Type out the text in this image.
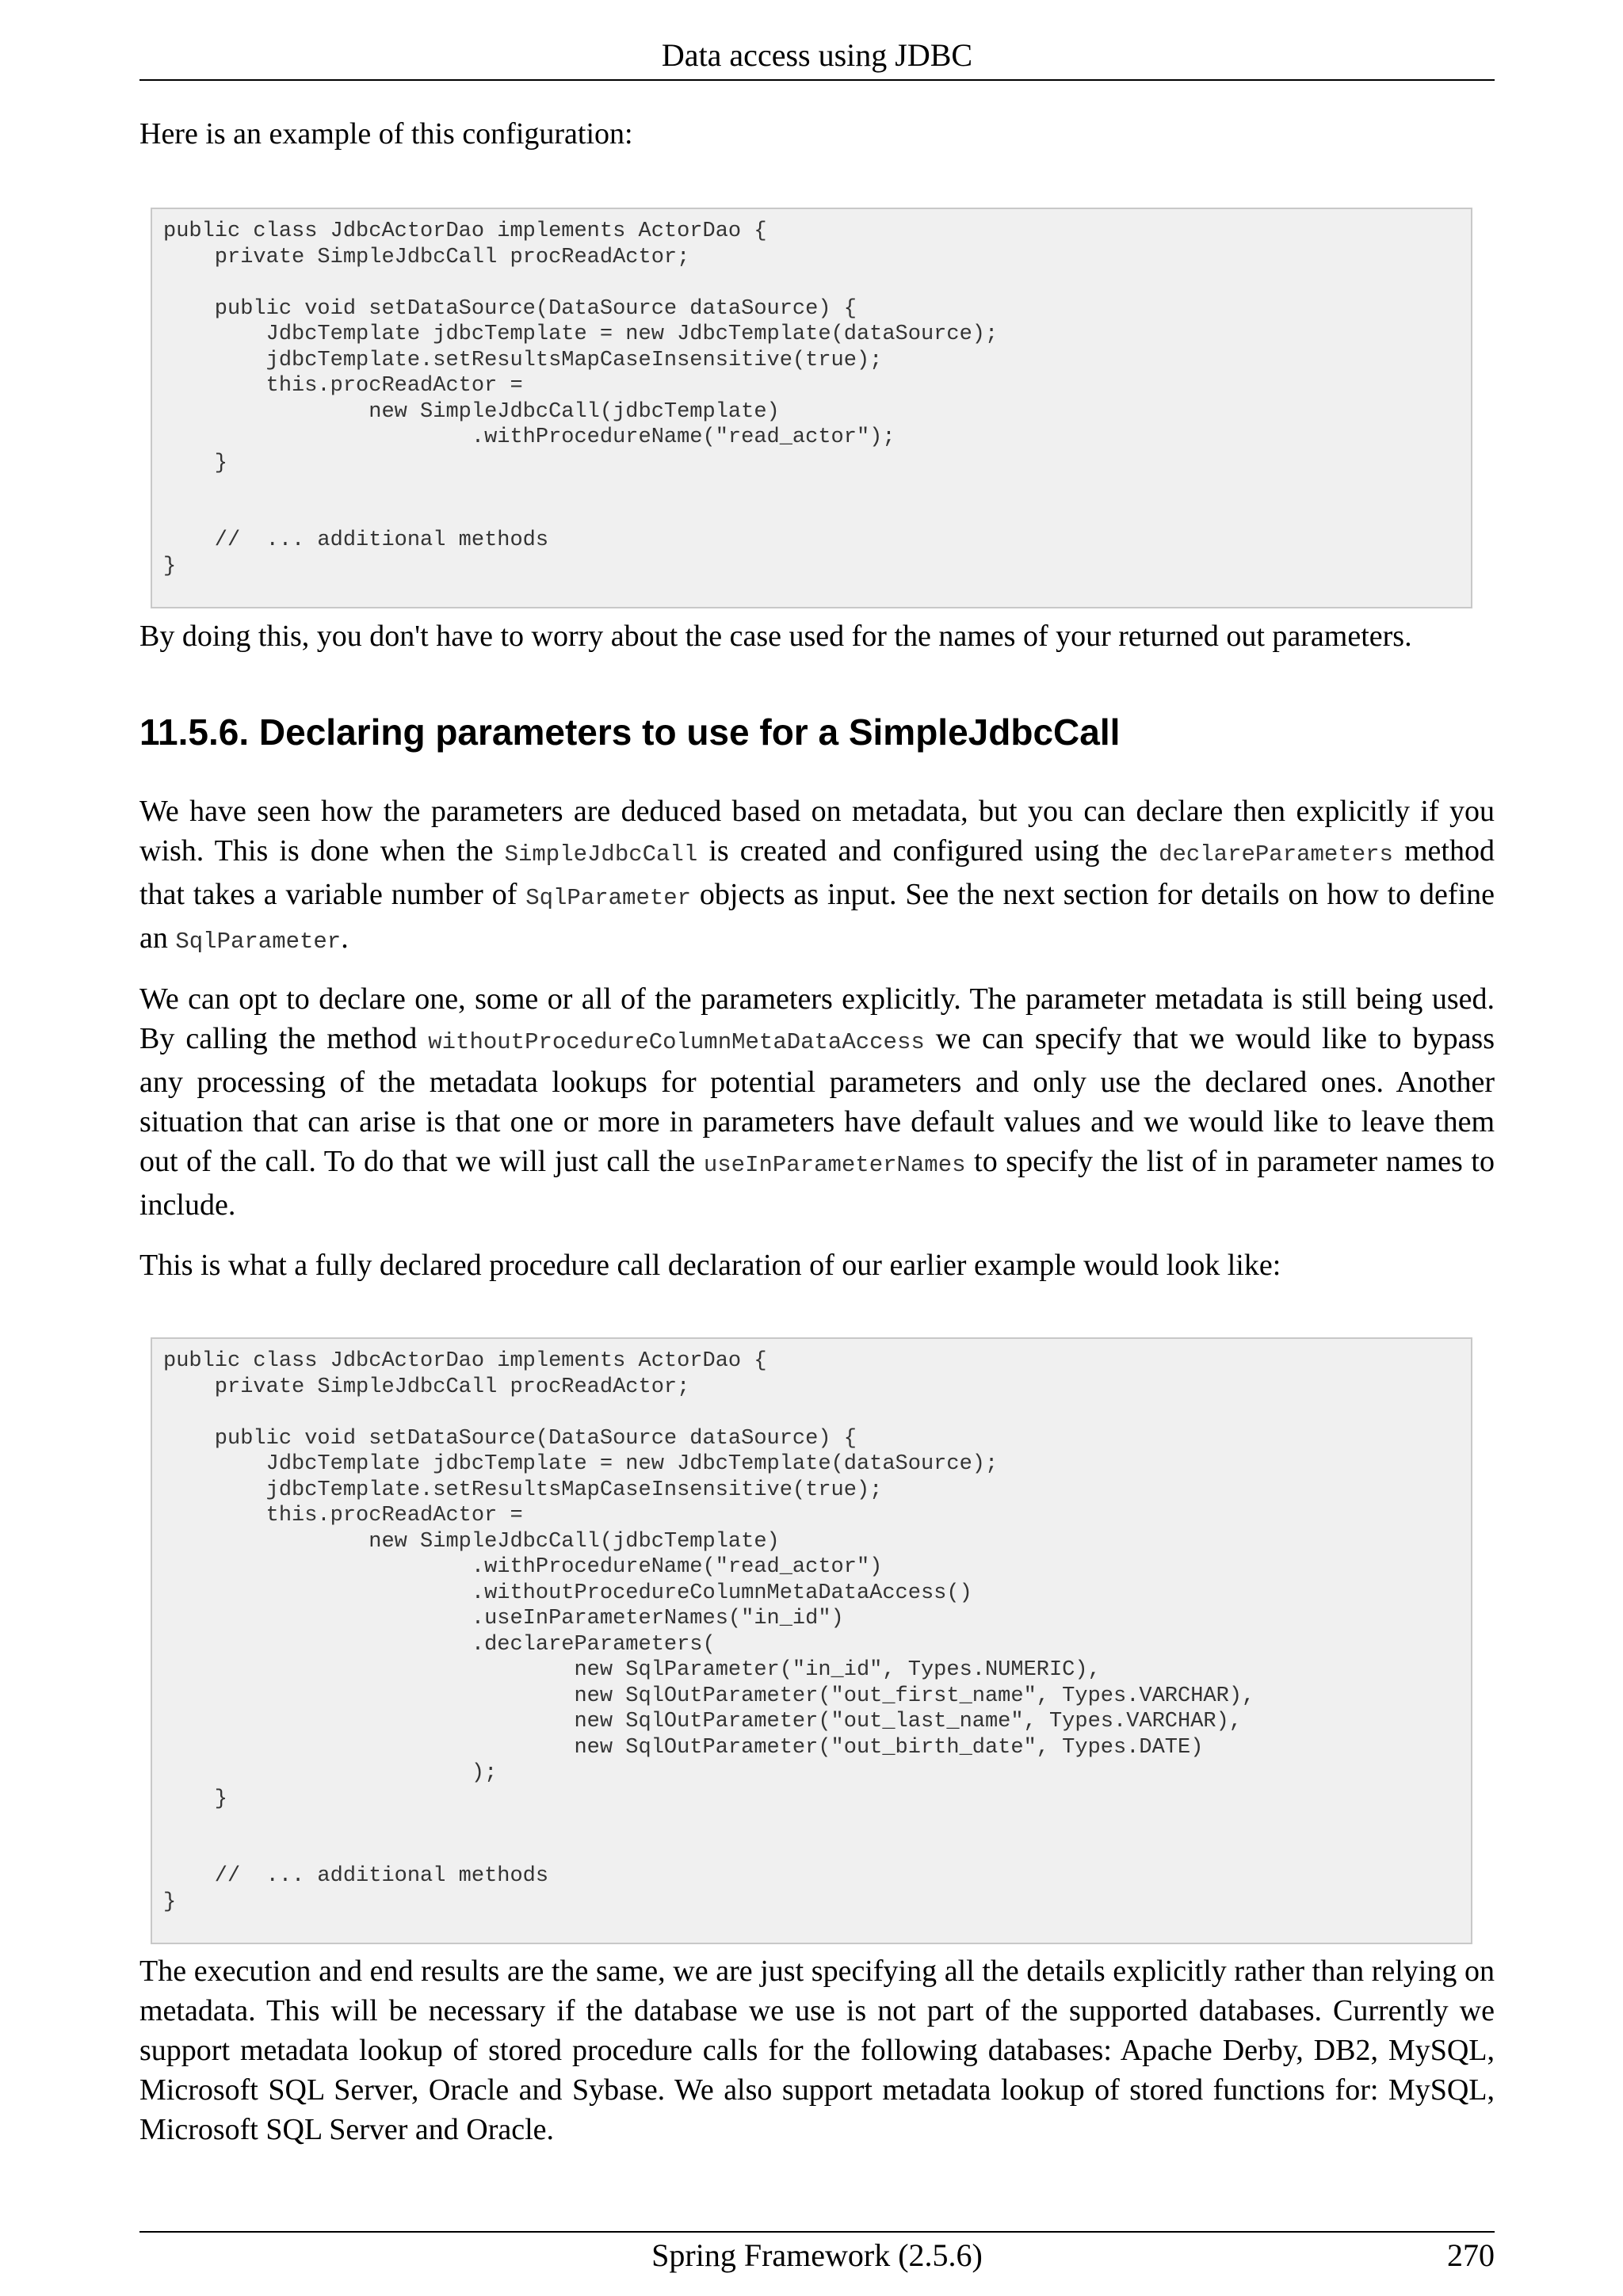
Data access using JDBC

Here is an example of this configuration:

public class JdbcActorDao implements ActorDao {
private SimpleJdbcCall procReadActor;

public void setDataSource(DataSource dataSource) {
JdbcTemplate jdbcTemplate = new JdbcTemplate(dataSource);
jdbcTemplate.setResultsMapCaseInsensitive(true);
this.procReadActor =
new SimpleJdbcCall(jdbcTemplate)
.withProcedureName("read_actor");
}

//  ... additional methods
}

By doing this, you don't have to worry about the case used for the names of your returned out parameters.

11.5.6. Declaring parameters to use for a SimpleJdbcCall

We have seen how the parameters are deduced based on metadata, but you can declare then explicitly if you wish. This is done when the SimpleJdbcCall is created and configured using the declareParameters method that takes a variable number of SqlParameter objects as input. See the next section for details on how to define an SqlParameter.

We can opt to declare one, some or all of the parameters explicitly. The parameter metadata is still being used. By calling the method withoutProcedureColumnMetaDataAccess we can specify that we would like to bypass any processing of the metadata lookups for potential parameters and only use the declared ones. Another situation that can arise is that one or more in parameters have default values and we would like to leave them out of the call. To do that we will just call the useInParameterNames to specify the list of in parameter names to include.

This is what a fully declared procedure call declaration of our earlier example would look like:

public class JdbcActorDao implements ActorDao {
private SimpleJdbcCall procReadActor;

public void setDataSource(DataSource dataSource) {
JdbcTemplate jdbcTemplate = new JdbcTemplate(dataSource);
jdbcTemplate.setResultsMapCaseInsensitive(true);
this.procReadActor =
new SimpleJdbcCall(jdbcTemplate)
.withProcedureName("read_actor")
.withoutProcedureColumnMetaDataAccess()
.useInParameterNames("in_id")
.declareParameters(
new SqlParameter("in_id", Types.NUMERIC),
new SqlOutParameter("out_first_name", Types.VARCHAR),
new SqlOutParameter("out_last_name", Types.VARCHAR),
new SqlOutParameter("out_birth_date", Types.DATE)
);
}

//  ... additional methods
}

The execution and end results are the same, we are just specifying all the details explicitly rather than relying on metadata. This will be necessary if the database we use is not part of the supported databases. Currently we support metadata lookup of stored procedure calls for the following databases: Apache Derby, DB2, MySQL, Microsoft SQL Server, Oracle and Sybase. We also support metadata lookup of stored functions for: MySQL, Microsoft SQL Server and Oracle.

Spring Framework (2.5.6)	270
